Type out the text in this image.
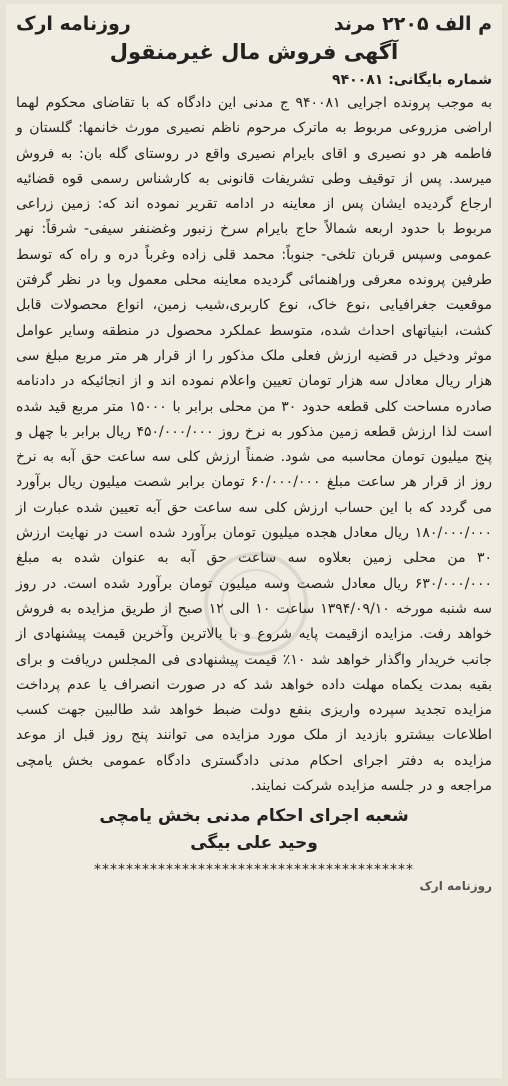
م الف ۲۲۰۵ مرند
روزنامه ارک
آگهی فروش مال غیرمنقول
شماره بایگانی: ۹۴۰۰۸۱
به موجب پرونده اجرایی ۹۴۰۰۸۱ ج مدنی این دادگاه که با تقاضای محکوم لهما اراضی مزروعی مربوط به ماترک مرحوم ناظم نصیری مورث خانمها: گلستان و فاطمه هر دو نصیری و اقای بایرام نصیری واقع در روستای گله بان: به فروش میرسد. پس از توقیف وطی تشریفات قانونی به کارشناس رسمی قوه قضائیه ارجاع گردیده ایشان پس از معاینه در ادامه تقریر نموده اند که: زمین زراعی مربوط با حدود اربعه شمالاً حاج بایرام سرخ زنبور وغضنفر سیفی- شرقاً: نهر عمومی وسپس قربان تلخی- جنوباً: محمد قلی زاده وغرباً دره و راه که توسط طرفین پرونده معرفی وراهنمائی گردیده معاینه محلی معمول وبا در نظر گرفتن موقعیت جغرافیایی ،نوع خاک، نوع کاربری،شیب زمین، انواع محصولات قابل کشت، ابنیاتهای احداث شده، متوسط عملکرد محصول در منطقه وسایر عوامل موثر ودخیل در قضیه ارزش فعلی ملک مذکور را از قرار هر متر مربع مبلغ سی هزار ریال معادل سه هزار تومان تعیین واعلام نموده اند و از انجائیکه در دادنامه صادره مساحت کلی قطعه حدود ۳۰ من محلی برابر با ۱۵۰۰۰ متر مربع قید شده است لذا ارزش قطعه زمین مذکور به نرخ روز ۴۵۰/۰۰۰/۰۰۰ ریال برابر با چهل و پنج میلیون تومان محاسبه می شود. ضمناً ارزش کلی سه ساعت حق آبه به نرخ روز از قرار هر ساعت مبلغ ۶۰/۰۰۰/۰۰۰ تومان برابر شصت میلیون ریال برآورد می گردد که با این حساب ارزش کلی سه ساعت حق آبه تعیین شده عبارت از ۱۸۰/۰۰۰/۰۰۰ ریال معادل هجده میلیون تومان برآورد شده است در نهایت ارزش ۳۰ من محلی زمین بعلاوه سه ساعت حق آبه به عنوان شده به مبلغ ۶۳۰/۰۰۰/۰۰۰ ریال معادل شصت وسه میلیون تومان برآورد شده است. در روز سه شنبه مورخه ۱۳۹۴/۰۹/۱۰ ساعت ۱۰ الی ۱۲ صبح از طریق مزایده به فروش خواهد رفت. مزایده ازقیمت پایه شروع و با بالاترین وآخرین قیمت پیشنهادی از جانب خریدار واگذار خواهد شد ۱۰٪ قیمت پیشنهادی فی المجلس دریافت و برای بقیه بمدت یکماه مهلت داده خواهد شد که در صورت انصراف یا عدم پرداخت مزایده تجدید سپرده واریزی بنفع دولت ضبط خواهد شد طالبین جهت کسب اطلاعات بیشترو بازدید از ملک مورد مزایده می توانند پنج روز قبل از موعد مزایده به دفتر اجرای احکام مدنی دادگستری دادگاه عمومی بخش یامچی مراجعه و در جلسه مزایده شرکت نمایند.
شعبه اجرای احکام مدنی بخش یامچی
وحید علی بیگی
****************************************
روزنامه ارک
